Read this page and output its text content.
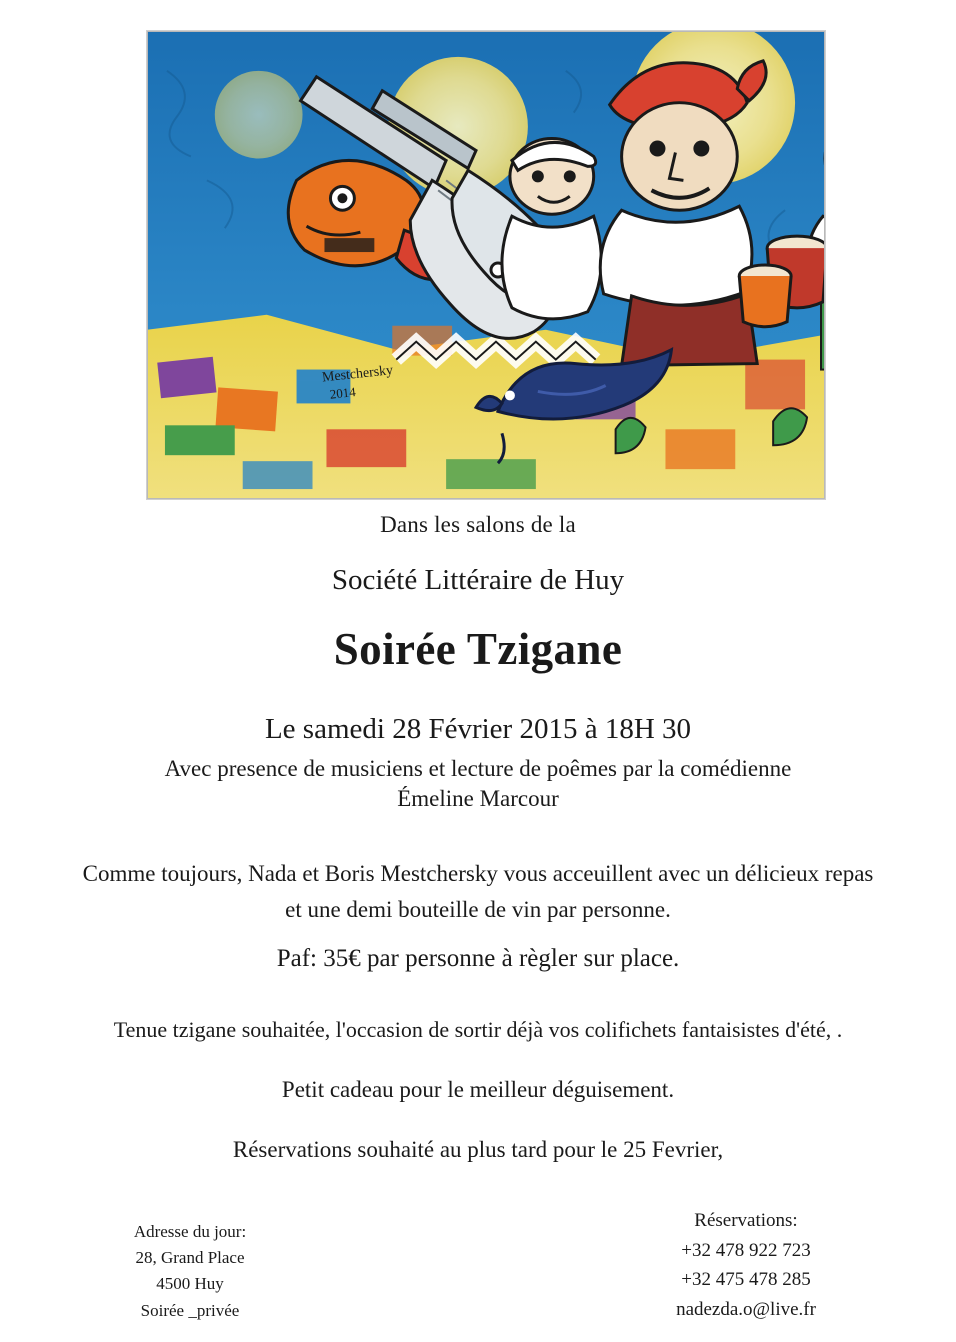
Mestchersky
2014

Dans les salons de la

Société Littéraire de Huy

Soirée Tzigane

Le samedi 28 Février 2015 à 18H 30

Avec presence de musiciens et lecture de poêmes par la comédienne

Émeline Marcour

Comme toujours, Nada et Boris Mestchersky vous acceuillent avec un délicieux repas et une demi bouteille de vin par personne.

Paf: 35€ par personne à règler sur place.

Tenue tzigane souhaitée, l'occasion de sortir déjà vos colifichets fantaisistes d'été, .

Petit cadeau pour le meilleur déguisement.

Réservations souhaité au plus tard pour le 25 Fevrier,

Adresse du jour:
28, Grand Place
4500 Huy
Soirée _privée
Réservations:
+32 478 922 723
+32 475 478 285
nadezda.o@live.fr
